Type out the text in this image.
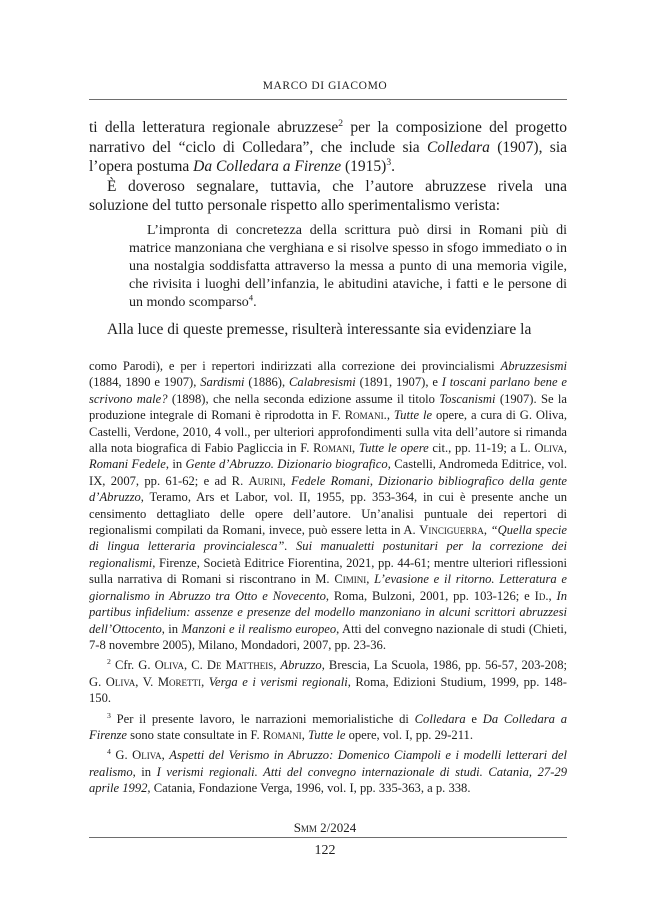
MARCO DI GIACOMO

ti della letteratura regionale abruzzese$^2$ per la composizione del progetto narrativo del “ciclo di Colledara”, che include sia Colledara (1907), sia l’opera postuma Da Colledara a Firenze $(1915)^3$.

È doveroso segnalare, tuttavia, che l’autore abruzzese rivela una soluzione del tutto personale rispetto allo sperimentalismo verista:

L’impronta di concretezza della scrittura può dirsi in Romani più di matrice manzoniana che verghiana e si risolve spesso in sfogo immediato o in una nostalgia soddisfatta attraverso la messa a punto di una memoria vigile, che rivisita i luoghi dell’infanzia, le abitudini ataviche, i fatti e le persone di un mondo scomparso$^4$.

Alla luce di queste premesse, risulterà interessante sia evidenziare la

como Parodi), e per i repertori indirizzati alla correzione dei provincialismi Abruzzesismi (1884, 1890 e 1907), Sardismi (1886), Calabresismi (1891, 1907), e I toscani parlano bene e scrivono male? (1898), che nella seconda edizione assume il titolo Toscanismi (1907). Se la produzione integrale di Romani è riprodotta in F. Romani., Tutte le opere, a cura di G. Oliva, Castelli, Verdone, 2010, 4 voll., per ulteriori approfondimenti sulla vita dell’autore si rimanda alla nota biografica di Fabio Pagliccia in F. Romani, Tutte le opere cit., pp. 11-19; a L. Oliva, Romani Fedele, in Gente d’Abruzzo. Dizionario biografico, Castelli, Andromeda Editrice, vol. IX, 2007, pp. 61-62; e ad R. Aurini, Fedele Romani, Dizionario bibliografico della gente d’Abruzzo, Teramo, Ars et Labor, vol. II, 1955, pp. 353-364, in cui è presente anche un censimento dettagliato delle opere dell’autore. Un’analisi puntuale dei repertori di regionalismi compilati da Romani, invece, può essere letta in A. Vinciguerra, “Quella specie di lingua letteraria provincialesca”. Sui manualetti postunitari per la correzione dei regionalismi, Firenze, Società Editrice Fiorentina, 2021, pp. 44-61; mentre ulteriori riflessioni sulla narrativa di Romani si riscontrano in M. Cimini, L’evasione e il ritorno. Letteratura e giornalismo in Abruzzo tra Otto e Novecento, Roma, Bulzoni, 2001, pp. 103-126; e Id., In partibus infidelium: assenze e presenze del modello manzoniano in alcuni scrittori abruzzesi dell’Ottocento, in Manzoni e il realismo europeo, Atti del convegno nazionale di studi (Chieti, 7-8 novembre 2005), Milano, Mondadori, 2007, pp. 23-36.

$^2$ Cfr. G. Oliva, C. De Mattheis, Abruzzo, Brescia, La Scuola, 1986, pp. 56-57, 203-208; G. Oliva, V. Moretti, Verga e i verismi regionali, Roma, Edizioni Studium, 1999, pp. 148-150.

$^3$ Per il presente lavoro, le narrazioni memorialistiche di Colledara e Da Colledara a Firenze sono state consultate in F. Romani, Tutte le opere, vol. I, pp. 29-211.

$^4$ G. Oliva, Aspetti del Verismo in Abruzzo: Domenico Ciampoli e i modelli letterari del realismo, in I verismi regionali. Atti del convegno internazionale di studi. Catania, 27-29 aprile 1992, Catania, Fondazione Verga, 1996, vol. I, pp. 335-363, a p. 338.

Smm 2/2024
122
